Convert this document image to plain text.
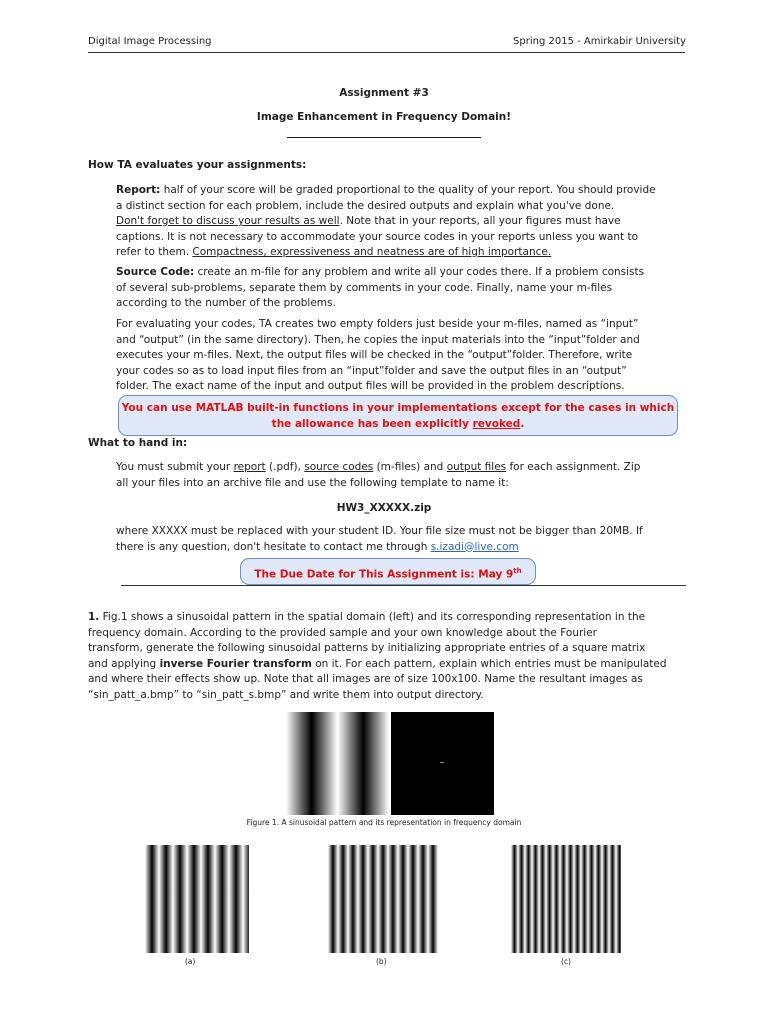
Digital Image Processing	Spring 2015 - Amirkabir University
Assignment #3
Image Enhancement in Frequency Domain!
How TA evaluates your assignments:
Report: half of your score will be graded proportional to the quality of your report. You should provide
a distinct section for each problem, include the desired outputs and explain what you've done.
Don't forget to discuss your results as well. Note that in your reports, all your figures must have
captions. It is not necessary to accommodate your source codes in your reports unless you want to
refer to them. Compactness, expressiveness and neatness are of high importance.
Source Code: create an m-file for any problem and write all your codes there. If a problem consists
of several sub-problems, separate them by comments in your code. Finally, name your m-files
according to the number of the problems.
For evaluating your codes, TA creates two empty folders just beside your m-files, named as “input”
and “output” (in the same directory). Then, he copies the input materials into the “input”folder and
executes your m-files. Next, the output files will be checked in the “output”folder. Therefore, write
your codes so as to load input files from an “input”folder and save the output files in an “output”
folder. The exact name of the input and output files will be provided in the problem descriptions.
You can use MATLAB built-in functions in your implementations except for the cases in which
the allowance has been explicitly revoked.
What to hand in:
You must submit your report (.pdf), source codes (m-files) and output files for each assignment. Zip
all your files into an archive file and use the following template to name it:
HW3_XXXXX.zip
where XXXXX must be replaced with your student ID. Your file size must not be bigger than 20MB. If
there is any question, don't hesitate to contact me through s.izadi@live.com
The Due Date for This Assignment is: May 9th
1. Fig.1 shows a sinusoidal pattern in the spatial domain (left) and its corresponding representation in the
frequency domain. According to the provided sample and your own knowledge about the Fourier
transform, generate the following sinusoidal patterns by initializing appropriate entries of a square matrix
and applying inverse Fourier transform on it. For each pattern, explain which entries must be manipulated
and where their effects show up. Note that all images are of size 100x100. Name the resultant images as
“sin_patt_a.bmp” to “sin_patt_s.bmp” and write them into output directory.
Figure 1. A sinusoidal pattern and its representation in frequency domain
(a)	(b)	(c)
